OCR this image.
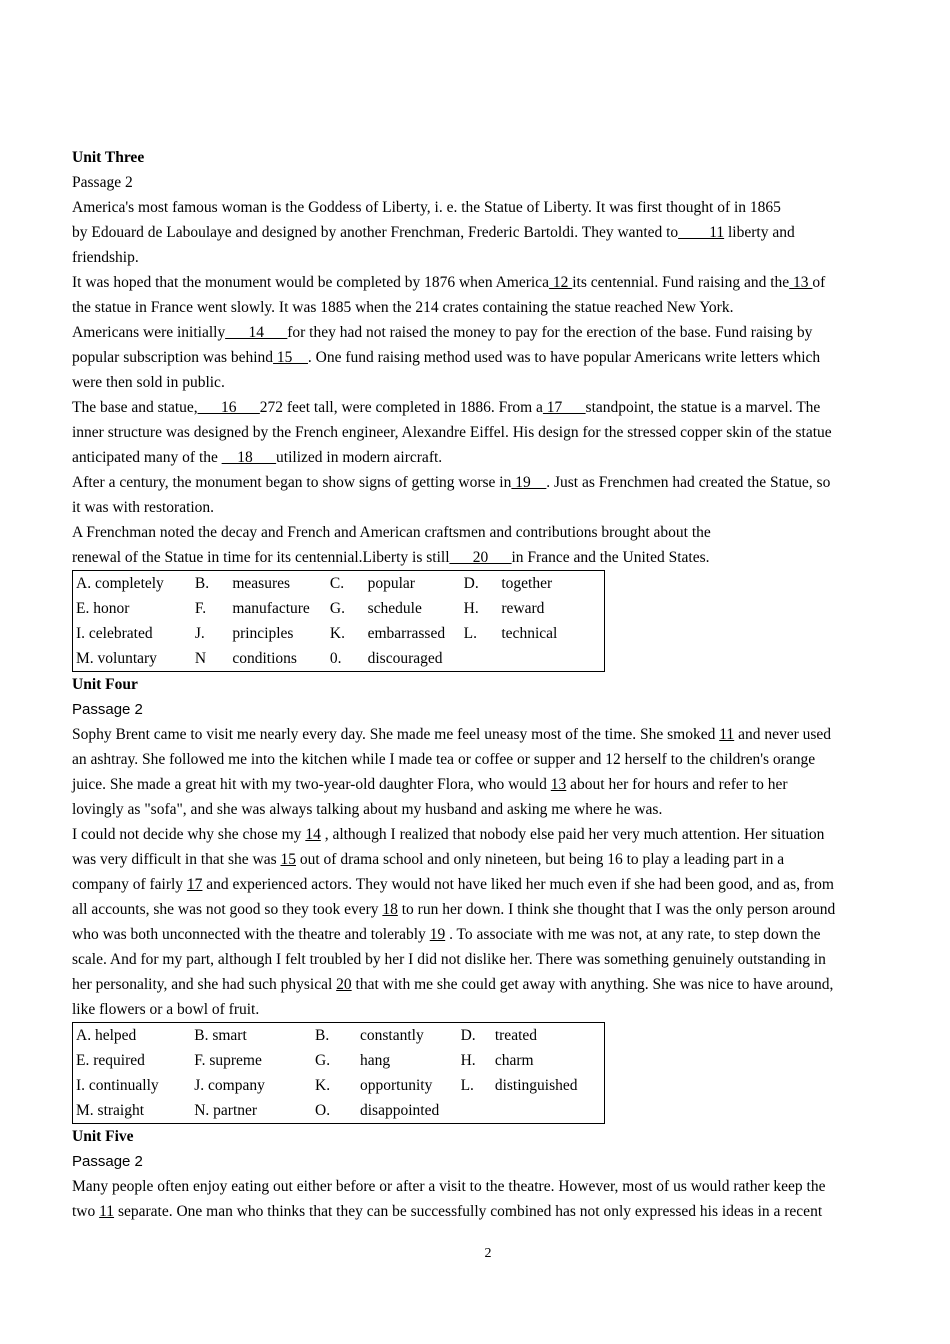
Unit Three
Passage 2
America's most famous woman is the Goddess of Liberty, i. e. the Statue of Liberty. It was first thought of in 1865
by Edouard de Laboulaye and designed by another Frenchman, Frederic Bartoldi. They wanted to____11 liberty and
friendship.
It was hoped that the monument would be completed by 1876 when America 12 its centennial. Fund raising and the 13 of
the statue in France went slowly. It was 1885 when the 214 crates containing the statue reached New York.
Americans were initially___14___for they had not raised the money to pay for the erection of the base. Fund raising by
popular subscription was behind 15__. One fund raising method used was to have popular Americans write letters which
were then sold in public.
The base and statue,___16___272 feet tall, were completed in 1886. From a 17___standpoint, the statue is a marvel. The
inner structure was designed by the French engineer, Alexandre Eiffel. His design for the stressed copper skin of the statue
anticipated many of the __18___utilized in modern aircraft.
After a century, the monument began to show signs of getting worse in 19__. Just as Frenchmen had created the Statue, so
it was with restoration.
A Frenchman noted the decay and French and American craftsmen and contributions brought about the
renewal of the Statue in time for its centennial.Liberty is still___20___in France and the United States.
A. completely	B.	measures	C.	popular	D.	together
E. honor	F.	manufacture	G.	schedule	H.	reward
I. celebrated	J.	principles	K.	embarrassed	L.	technical
M. voluntary	N	conditions	0.	discouraged		
Unit Four
Passage 2
Sophy Brent came to visit me nearly every day. She made me feel uneasy most of the time. She smoked 11 and never used
an ashtray. She followed me into the kitchen while I made tea or coffee or supper and 12 herself to the children's orange
juice. She made a great hit with my two-year-old daughter Flora, who would 13 about her for hours and refer to her
lovingly as "sofa", and she was always talking about my husband and asking me where he was.
I could not decide why she chose my 14 , although I realized that nobody else paid her very much attention. Her situation
was very difficult in that she was 15 out of drama school and only nineteen, but being 16 to play a leading part in a
company of fairly 17 and experienced actors. They would not have liked her much even if she had been good, and as, from
all accounts, she was not good so they took every 18 to run her down. I think she thought that I was the only person around
who was both unconnected with the theatre and tolerably 19 . To associate with me was not, at any rate, to step down the
scale. And for my part, although I felt troubled by her I did not dislike her. There was something genuinely outstanding in
her personality, and she had such physical 20 that with me she could get away with anything. She was nice to have around,
like flowers or a bowl of fruit.
A. helped	B. smart	B.	constantly	D.	treated
E. required	F. supreme	G.	hang	H.	charm
I. continually	J. company	K.	opportunity	L.	distinguished
M. straight	N. partner	O.	disappointed		
Unit Five
Passage 2
Many people often enjoy eating out either before or after a visit to the theatre. However, most of us would rather keep the
two 11 separate. One man who thinks that they can be successfully combined has not only expressed his ideas in a recent
2
